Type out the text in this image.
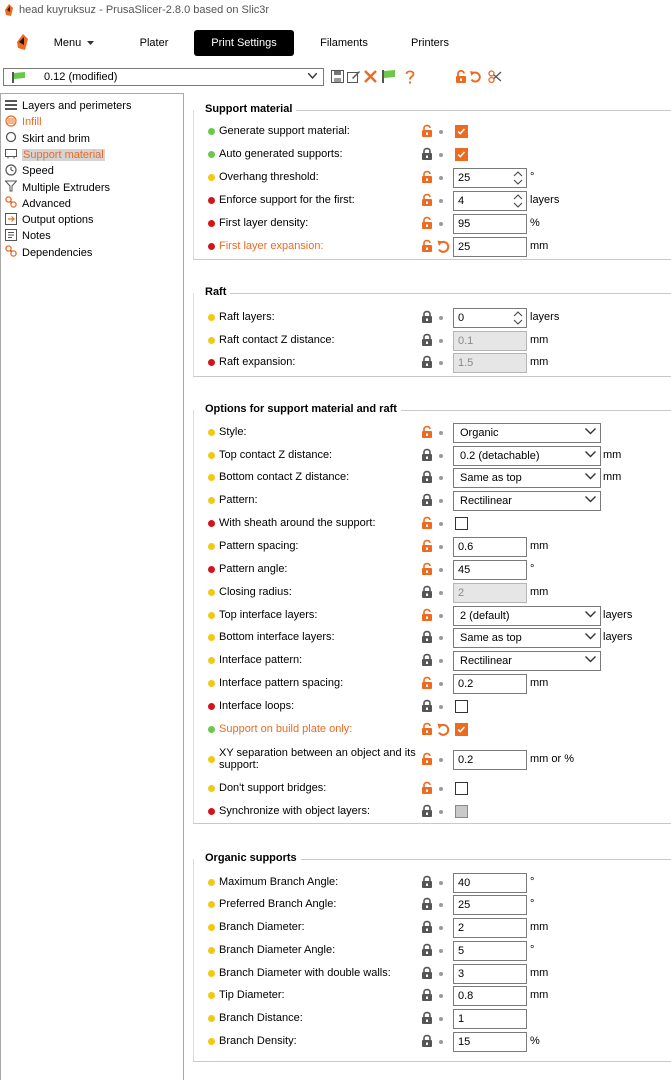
head kuyruksuz - PrusaSlicer-2.8.0 based on Slic3r
Menu	Plater	Print Settings	Filaments	Printers
0.12 (modified)
Layers and perimeters
Infill
Skirt and brim
Support material
Speed
Multiple Extruders
Advanced
Output options
Notes
Dependencies
Support material
Generate support material:
Auto generated supports:
Overhang threshold:	25	°
Enforce support for the first:	4	layers
First layer density:	95	%
First layer expansion:	25	mm
Raft
Raft layers:	0	layers
Raft contact Z distance:	0.1	mm
Raft expansion:	1.5	mm
Options for support material and raft
Style:	Organic
Top contact Z distance:	0.2 (detachable)	mm
Bottom contact Z distance:	Same as top	mm
Pattern:	Rectilinear
With sheath around the support:
Pattern spacing:	0.6	mm
Pattern angle:	45	°
Closing radius:	2	mm
Top interface layers:	2 (default)	layers
Bottom interface layers:	Same as top	layers
Interface pattern:	Rectilinear
Interface pattern spacing:	0.2	mm
Interface loops:
Support on build plate only:
XY separation between an object and its support:	0.2	mm or %
Don't support bridges:
Synchronize with object layers:
Organic supports
Maximum Branch Angle:	40	°
Preferred Branch Angle:	25	°
Branch Diameter:	2	mm
Branch Diameter Angle:	5	°
Branch Diameter with double walls:	3	mm
Tip Diameter:	0.8	mm
Branch Distance:	1
Branch Density:	15	%
